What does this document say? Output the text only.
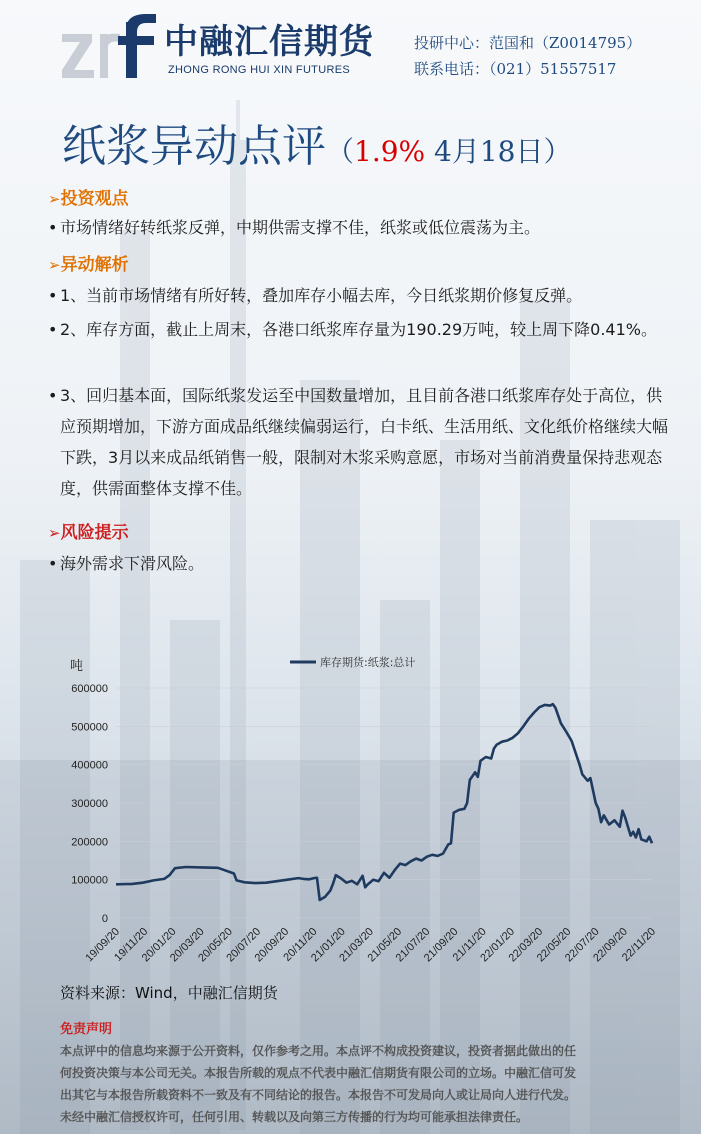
中融汇信期货
ZHONG RONG HUI XIN FUTURES
投研中心：范国和（Z0014795）
联系电话：（021）51557517
纸浆异动点评（1.9% 4月18日）
➢投资观点
• 市场情绪好转纸浆反弹，中期供需支撑不佳，纸浆或低位震荡为主。
➢异动解析
• 1、当前市场情绪有所好转，叠加库存小幅去库，今日纸浆期价修复反弹。
• 2、库存方面，截止上周末，各港口纸浆库存量为190.29万吨，较上周下降0.41%。
• 3、回归基本面，国际纸浆发运至中国数量增加，且目前各港口纸浆库存处于高位，供应预期增加，下游方面成品纸继续偏弱运行，白卡纸、生活用纸、文化纸价格继续大幅下跌，3月以来成品纸销售一般，限制对木浆采购意愿，市场对当前消费量保持悲观态度，供需面整体支撑不佳。
➢风险提示
• 海外需求下滑风险。
600000
500000
400000
300000
200000
100000
0
吨	库存期货:纸浆:总计
19/09/20
19/11/20
20/01/20
20/03/20
20/05/20
20/07/20
20/09/20
20/11/20
21/01/20
21/03/20
21/05/20
21/07/20
21/09/20
21/11/20
22/01/20
22/03/20
22/05/20
22/07/20
22/09/20
22/11/20
资料来源：Wind，中融汇信期货
免责声明
本点评中的信息均来源于公开资料，仅作参考之用。本点评不构成投资建议，投资者据此做出的任
何投资决策与本公司无关。本报告所载的观点不代表中融汇信期货有限公司的立场。中融汇信可发
出其它与本报告所载资料不一致及有不同结论的报告。本报告不可发局向人或让局向人进行代发。
未经中融汇信授权许可，任何引用、转载以及向第三方传播的行为均可能承担法律责任。
